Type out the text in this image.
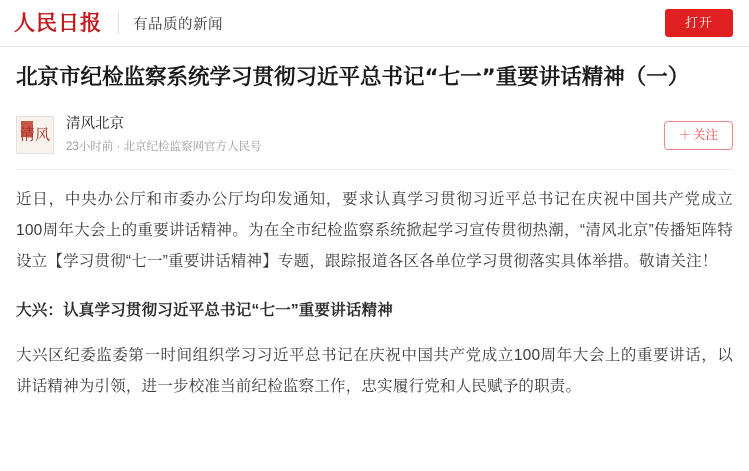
人民日报 有品质的新闻	打开
北京市纪检监察系统学习贯彻习近平总书记“七一”重要讲话精神（一）
清风
清风北京
23小时前 · 北京纪检监察网官方人民号
＋ 关注

近日，中央办公厅和市委办公厅均印发通知，要求认真学习贯彻习近平总书记在庆祝中国共产党成立100周年大会上的重要讲话精神。为在全市纪检监察系统掀起学习宣传贯彻热潮，“清风北京”传播矩阵特设立【学习贯彻“七一”重要讲话精神】专题，跟踪报道各区各单位学习贯彻落实具体举措。敬请关注！

大兴：认真学习贯彻习近平总书记“七一”重要讲话精神

大兴区纪委监委第一时间组织学习习近平总书记在庆祝中国共产党成立100周年大会上的重要讲话，以讲话精神为引领，进一步校准当前纪检监察工作，忠实履行党和人民赋予的职责。
